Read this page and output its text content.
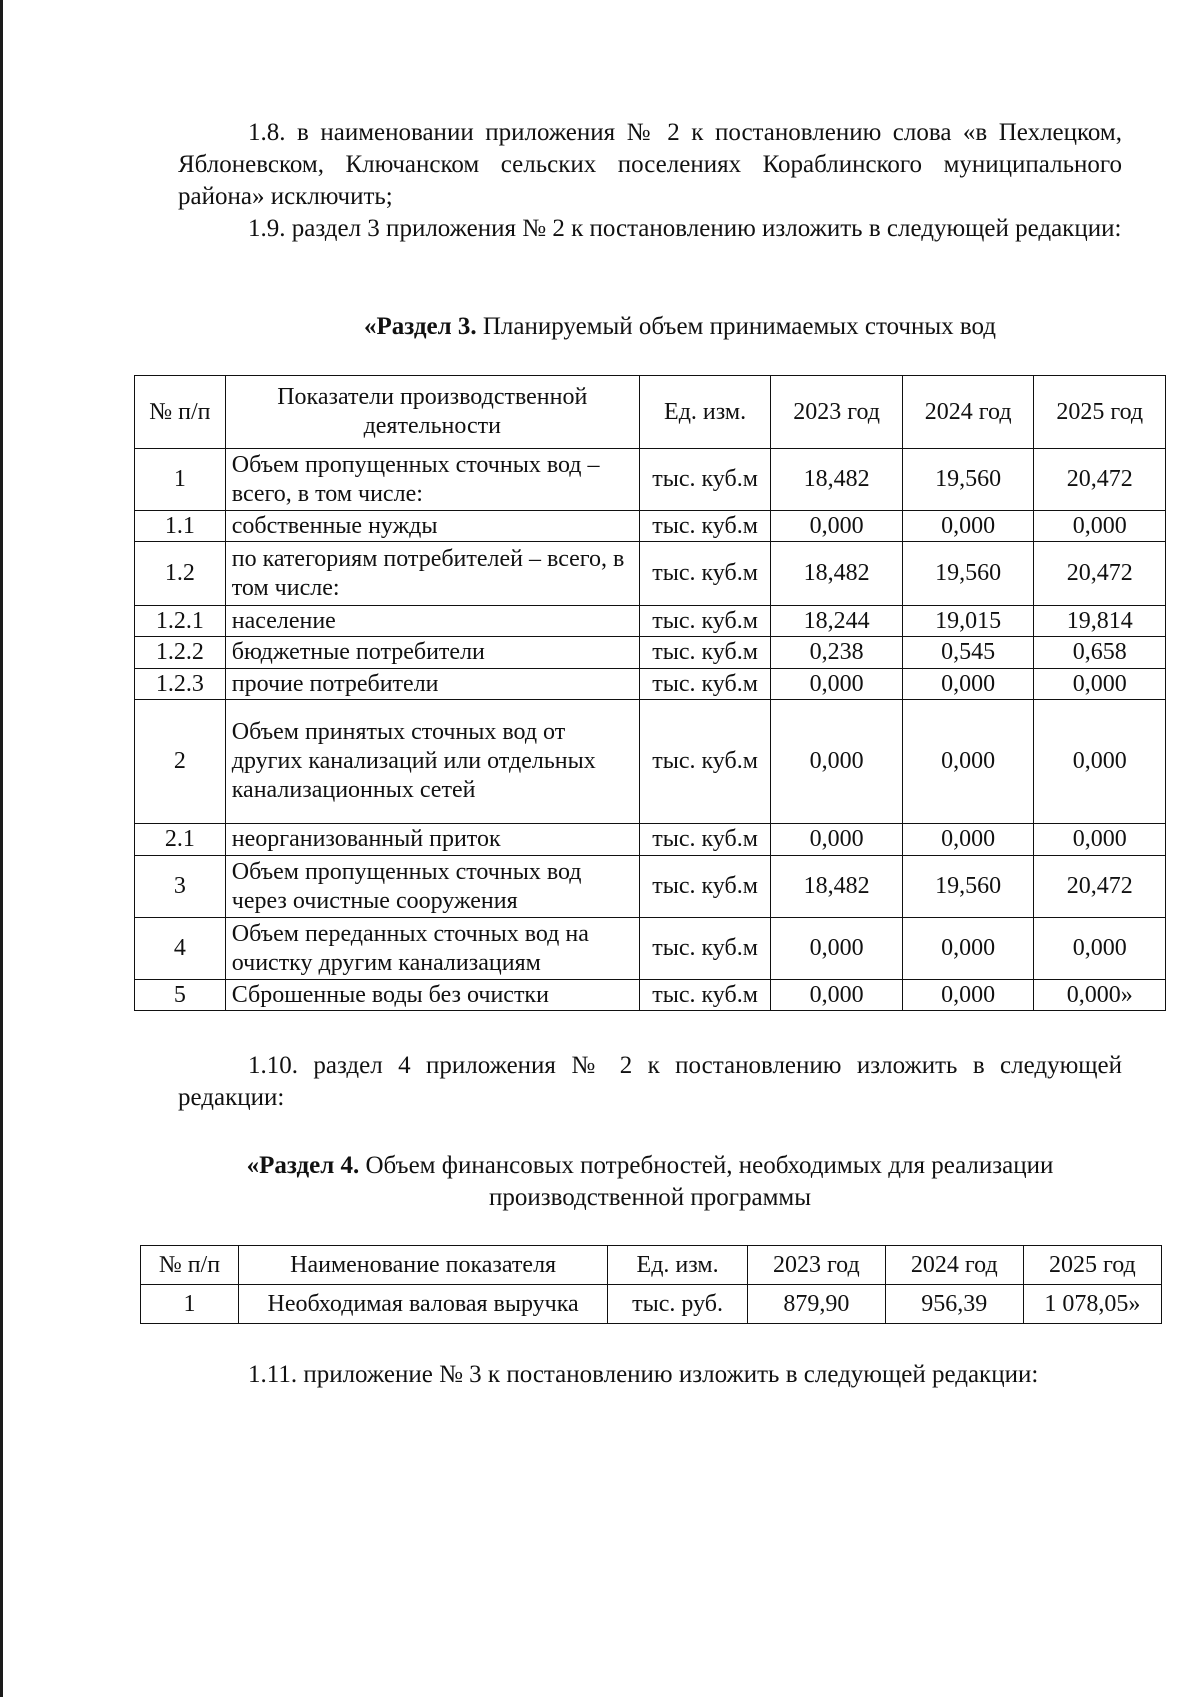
1.8. в наименовании приложения № 2 к постановлению слова «в Пехлецком, Яблоневском, Ключанском сельских поселениях Кораблинского муниципального района» исключить;

1.9. раздел 3 приложения № 2 к постановлению изложить в следующей редакции:

«Раздел 3. Планируемый объем принимаемых сточных вод

№ п/п	Показатели производственной деятельности	Ед. изм.	2023 год	2024 год	2025 год
1	Объем пропущенных сточных вод – всего, в том числе:	тыс. куб.м	18,482	19,560	20,472
1.1	собственные нужды	тыс. куб.м	0,000	0,000	0,000
1.2	по категориям потребителей – всего, в том числе:	тыс. куб.м	18,482	19,560	20,472
1.2.1	население	тыс. куб.м	18,244	19,015	19,814
1.2.2	бюджетные потребители	тыс. куб.м	0,238	0,545	0,658
1.2.3	прочие потребители	тыс. куб.м	0,000	0,000	0,000
2	Объем принятых сточных вод от других канализаций или отдельных канализационных сетей	тыс. куб.м	0,000	0,000	0,000
2.1	неорганизованный приток	тыс. куб.м	0,000	0,000	0,000
3	Объем пропущенных сточных вод через очистные сооружения	тыс. куб.м	18,482	19,560	20,472
4	Объем переданных сточных вод на очистку другим канализациям	тыс. куб.м	0,000	0,000	0,000
5	Сброшенные воды без очистки	тыс. куб.м	0,000	0,000	0,000»

1.10. раздел 4 приложения № 2 к постановлению изложить в следующей редакции:

«Раздел 4. Объем финансовых потребностей, необходимых для реализации
производственной программы
№ п/п	Наименование показателя	Ед. изм.	2023 год	2024 год	2025 год
1	Необходимая валовая выручка	тыс. руб.	879,90	956,39	1 078,05»

1.11. приложение № 3 к постановлению изложить в следующей редакции:
